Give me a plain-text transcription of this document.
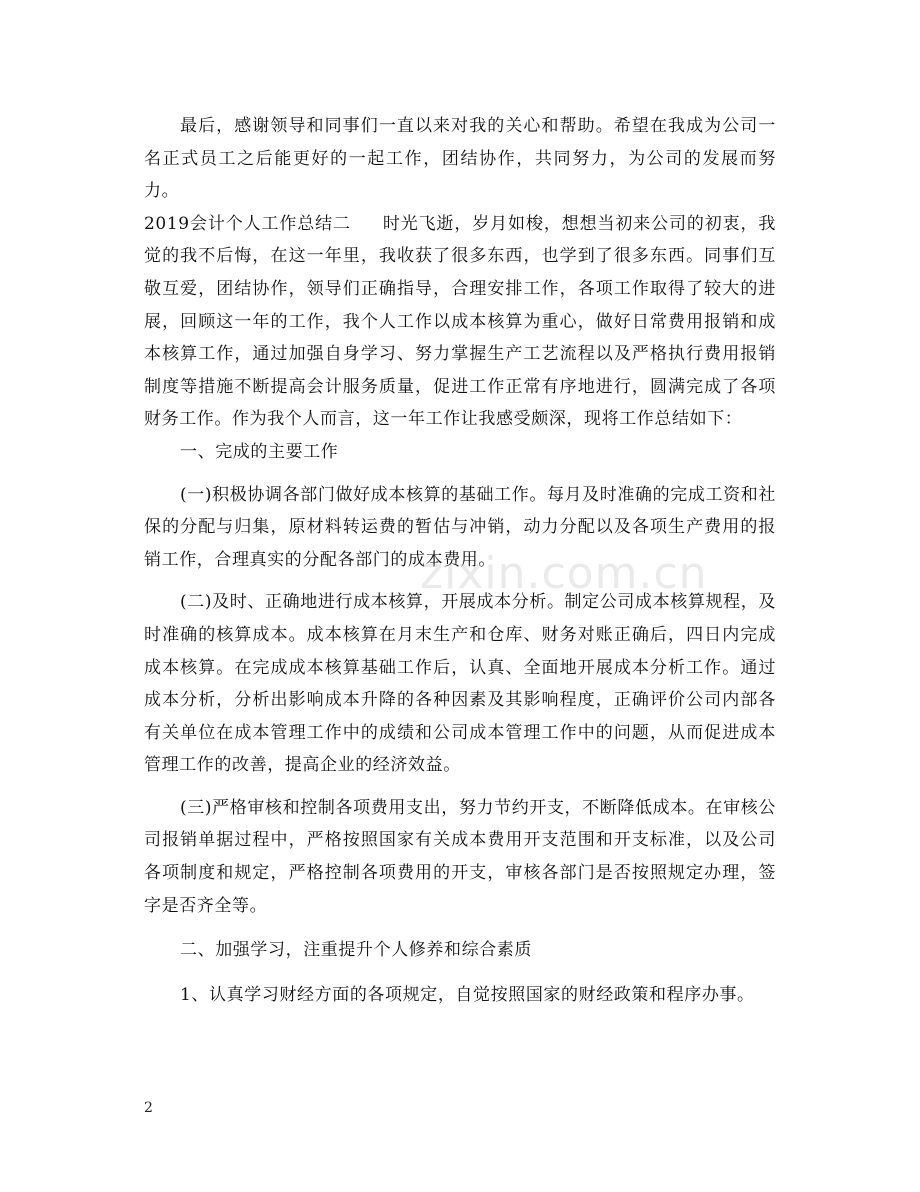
最后，感谢领导和同事们一直以来对我的关心和帮助。希望在我成为公司一名正式员工之后能更好的一起工作，团结协作，共同努力，为公司的发展而努力。

2019会计个人工作总结二 时光飞逝，岁月如梭，想想当初来公司的初衷，我觉的我不后悔，在这一年里，我收获了很多东西，也学到了很多东西。同事们互敬互爱，团结协作，领导们正确指导，合理安排工作，各项工作取得了较大的进展，回顾这一年的工作，我个人工作以成本核算为重心，做好日常费用报销和成本核算工作，通过加强自身学习、努力掌握生产工艺流程以及严格执行费用报销制度等措施不断提高会计服务质量，促进工作正常有序地进行，圆满完成了各项财务工作。作为我个人而言，这一年工作让我感受颇深，现将工作总结如下：

一、完成的主要工作

(一)积极协调各部门做好成本核算的基础工作。每月及时准确的完成工资和社保的分配与归集，原材料转运费的暂估与冲销，动力分配以及各项生产费用的报销工作，合理真实的分配各部门的成本费用。

(二)及时、正确地进行成本核算，开展成本分析。制定公司成本核算规程，及时准确的核算成本。成本核算在月末生产和仓库、财务对账正确后，四日内完成成本核算。在完成成本核算基础工作后，认真、全面地开展成本分析工作。通过成本分析，分析出影响成本升降的各种因素及其影响程度，正确评价公司内部各有关单位在成本管理工作中的成绩和公司成本管理工作中的问题，从而促进成本管理工作的改善，提高企业的经济效益。

(三)严格审核和控制各项费用支出，努力节约开支，不断降低成本。在审核公司报销单据过程中，严格按照国家有关成本费用开支范围和开支标准，以及公司各项制度和规定，严格控制各项费用的开支，审核各部门是否按照规定办理，签字是否齐全等。

二、加强学习，注重提升个人修养和综合素质

1、认真学习财经方面的各项规定，自觉按照国家的财经政策和程序办事。

zixin.com.cn
2
